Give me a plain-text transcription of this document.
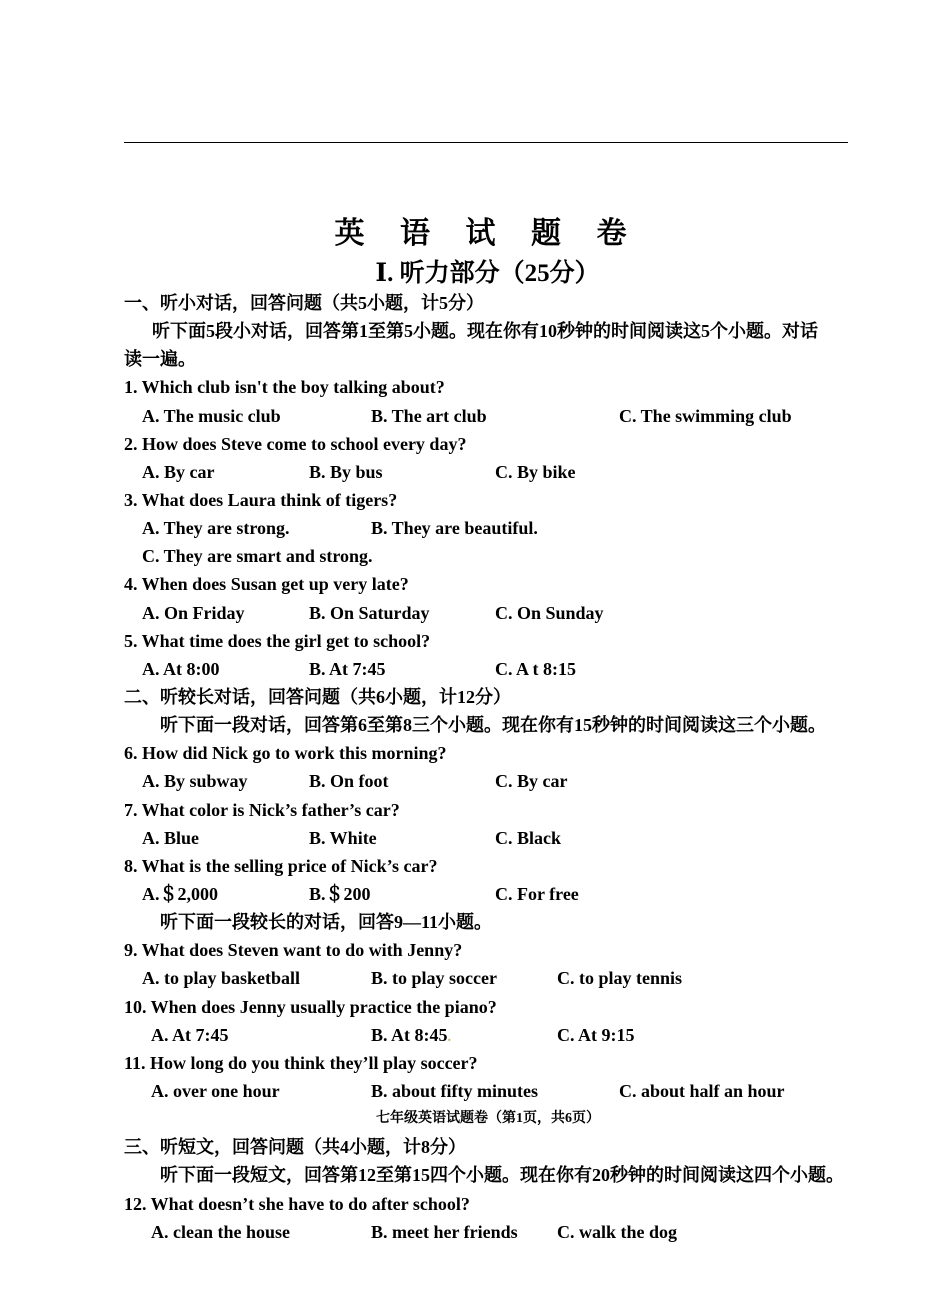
英 语 试 题 卷
Ⅰ. 听力部分（25分）
一、听小对话，回答问题（共5小题，计5分）
听下面5段小对话，回答第1至第5小题。现在你有10秒钟的时间阅读这5个小题。对话
读一遍。
1. Which club isn't the boy talking about?
A. The music club	B. The art club	C. The swimming club
2. How does Steve come to school every day?
A. By car	B. By bus	C. By bike
3. What does Laura think of tigers?
A. They are strong.	B. They are beautiful.
C. They are smart and strong.
4. When does Susan get up very late?
A. On Friday	B. On Saturday	C. On Sunday
5. What time does the girl get to school?
A. At 8:00	B. At 7:45	C. A t 8:15
二、听较长对话，回答问题（共6小题，计12分）
听下面一段对话，回答第6至第8三个小题。现在你有15秒钟的时间阅读这三个小题。
6. How did Nick go to work this morning?
A. By subway	B. On foot	C. By car
7. What color is Nick’s father’s car?
A. Blue	B. White	C. Black
8. What is the selling price of Nick’s car?
A.＄2,000	B.＄200	C. For free
听下面一段较长的对话，回答9—11小题。
9. What does Steven want to do with Jenny?
A. to play basketball	B. to play soccer	C. to play tennis
10. When does Jenny usually practice the piano?
A. At 7:45	B. At 8:45.	C. At 9:15
11. How long do you think they’ll play soccer?
A. over one hour	B. about fifty minutes	C. about half an hour
七年级英语试题卷（第1页，共6页）
三、听短文，回答问题（共4小题，计8分）
听下面一段短文，回答第12至第15四个小题。现在你有20秒钟的时间阅读这四个小题。
12. What doesn’t she have to do after school?
A. clean the house	B. meet her friends C. walk the dog
